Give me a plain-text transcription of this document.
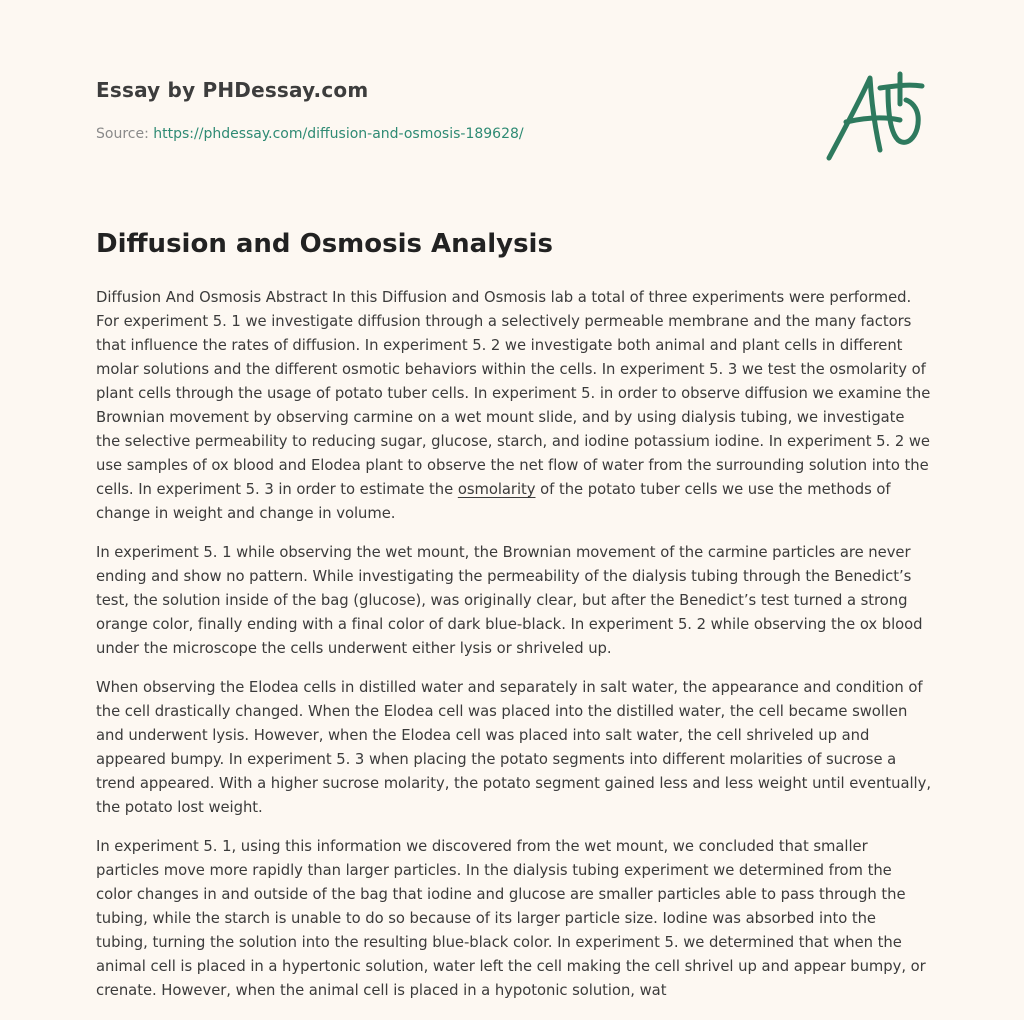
Essay by PHDessay.com
Source: https://phdessay.com/diffusion-and-osmosis-189628/
Diffusion and Osmosis Analysis

Diffusion And Osmosis Abstract In this Diffusion and Osmosis lab a total of three experiments were performed. For experiment 5. 1 we investigate diffusion through a selectively permeable membrane and the many factors that influence the rates of diffusion. In experiment 5. 2 we investigate both animal and plant cells in different molar solutions and the different osmotic behaviors within the cells. In experiment 5. 3 we test the osmolarity of plant cells through the usage of potato tuber cells. In experiment 5. in order to observe diffusion we examine the Brownian movement by observing carmine on a wet mount slide, and by using dialysis tubing, we investigate the selective permeability to reducing sugar, glucose, starch, and iodine potassium iodine. In experiment 5. 2 we use samples of ox blood and Elodea plant to observe the net flow of water from the surrounding solution into the cells. In experiment 5. 3 in order to estimate the osmolarity of the potato tuber cells we use the methods of change in weight and change in volume.

In experiment 5. 1 while observing the wet mount, the Brownian movement of the carmine particles are never ending and show no pattern. While investigating the permeability of the dialysis tubing through the Benedict’s test, the solution inside of the bag (glucose), was originally clear, but after the Benedict’s test turned a strong orange color, finally ending with a final color of dark blue-black. In experiment 5. 2 while observing the ox blood under the microscope the cells underwent either lysis or shriveled up.

When observing the Elodea cells in distilled water and separately in salt water, the appearance and condition of the cell drastically changed. When the Elodea cell was placed into the distilled water, the cell became swollen and underwent lysis. However, when the Elodea cell was placed into salt water, the cell shriveled up and appeared bumpy. In experiment 5. 3 when placing the potato segments into different molarities of sucrose a trend appeared. With a higher sucrose molarity, the potato segment gained less and less weight until eventually, the potato lost weight.

In experiment 5. 1, using this information we discovered from the wet mount, we concluded that smaller particles move more rapidly than larger particles. In the dialysis tubing experiment we determined from the color changes in and outside of the bag that iodine and glucose are smaller particles able to pass through the tubing, while the starch is unable to do so because of its larger particle size. Iodine was absorbed into the tubing, turning the solution into the resulting blue-black color. In experiment 5. we determined that when the animal cell is placed in a hypertonic solution, water left the cell making the cell shrivel up and appear bumpy, or crenate. However, when the animal cell is placed in a hypotonic solution, wat
